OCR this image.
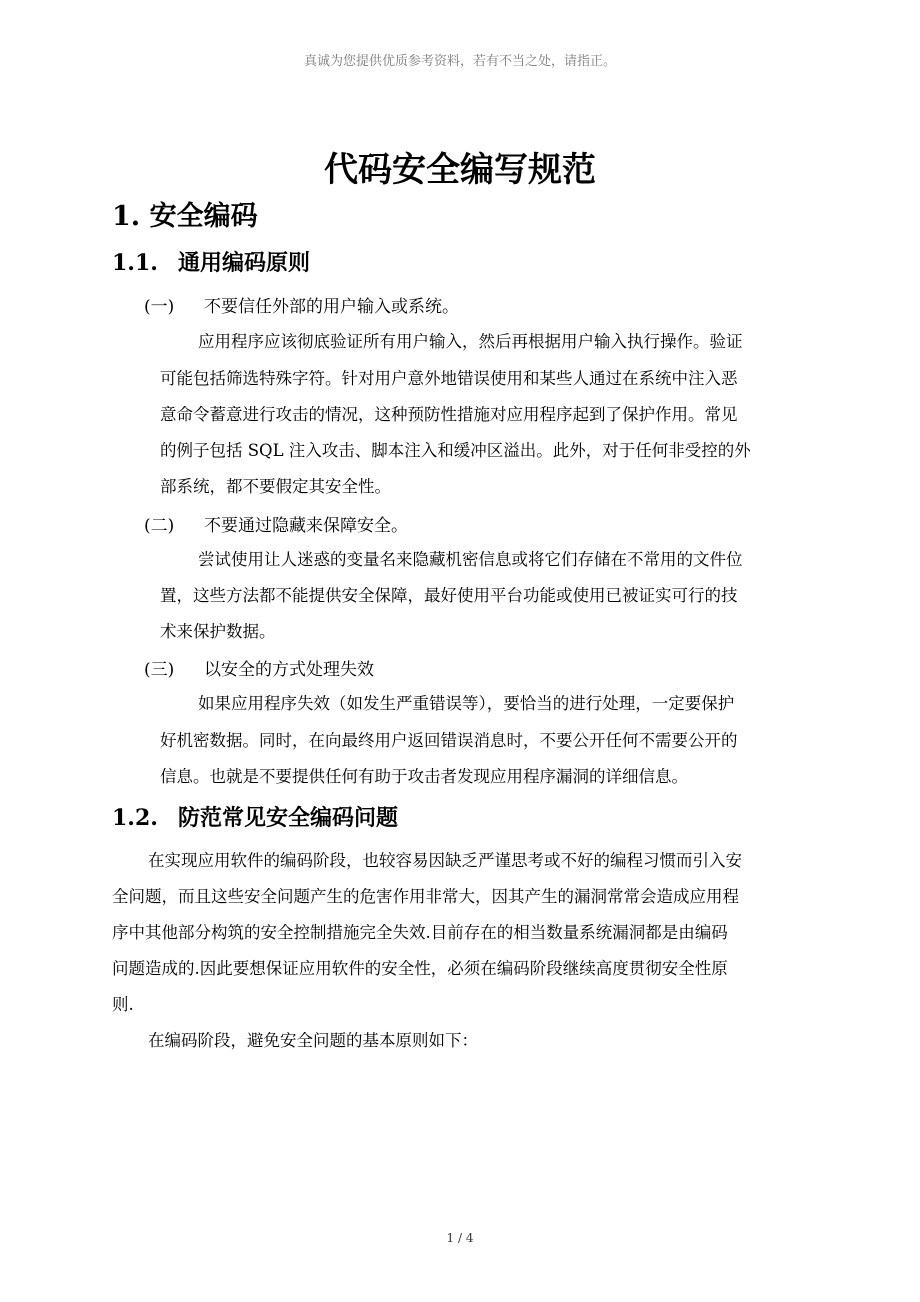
真诚为您提供优质参考资料，若有不当之处，请指正。

代码安全编写规范
1. 安全编码
1.1. 通用编码原则

(一) 不要信任外部的用户输入或系统。

应用程序应该彻底验证所有用户输入，然后再根据用户输入执行操作。验证

可能包括筛选特殊字符。针对用户意外地错误使用和某些人通过在系统中注入恶

意命令蓄意进行攻击的情况，这种预防性措施对应用程序起到了保护作用。常见

的例子包括 SQL 注入攻击、脚本注入和缓冲区溢出。此外，对于任何非受控的外

部系统，都不要假定其安全性。

(二) 不要通过隐藏来保障安全。

尝试使用让人迷惑的变量名来隐藏机密信息或将它们存储在不常用的文件位

置，这些方法都不能提供安全保障，最好使用平台功能或使用已被证实可行的技

术来保护数据。

(三) 以安全的方式处理失效

如果应用程序失效（如发生严重错误等），要恰当的进行处理，一定要保护

好机密数据。同时，在向最终用户返回错误消息时，不要公开任何不需要公开的

信息。也就是不要提供任何有助于攻击者发现应用程序漏洞的详细信息。

1.2. 防范常见安全编码问题

在实现应用软件的编码阶段，也较容易因缺乏严谨思考或不好的编程习惯而引入安

全问题，而且这些安全问题产生的危害作用非常大，因其产生的漏洞常常会造成应用程

序中其他部分构筑的安全控制措施完全失效.目前存在的相当数量系统漏洞都是由编码

问题造成的.因此要想保证应用软件的安全性，必须在编码阶段继续高度贯彻安全性原

则.

在编码阶段，避免安全问题的基本原则如下：

1 / 4
